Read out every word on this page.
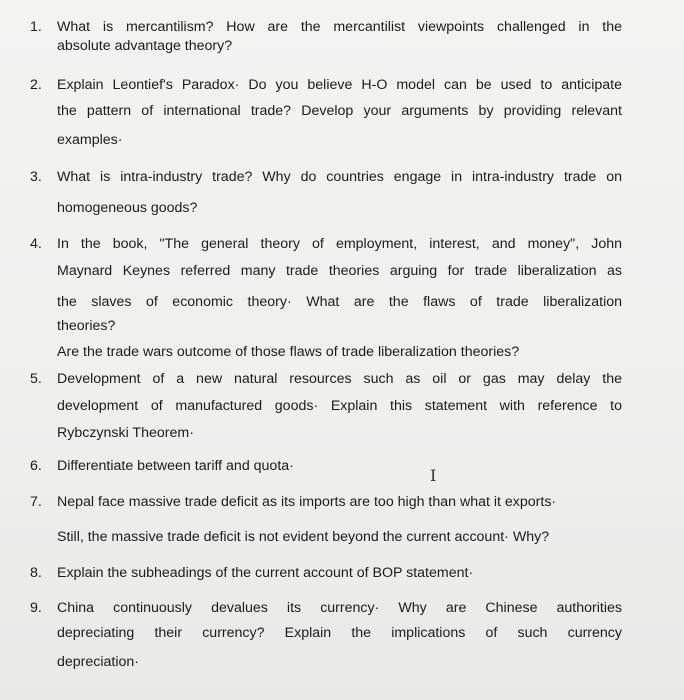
1.	What is mercantilism? How are the mercantilist viewpoints challenged in the
absolute advantage theory?
2.	Explain Leontief's Paradox· Do you believe H-O model can be used to anticipate
the pattern of international trade? Develop your arguments by providing relevant
examples·
3.	What is intra-industry trade? Why do countries engage in intra-industry trade on
homogeneous goods?
4.	In the book, "The general theory of employment, interest, and money", John
Maynard Keynes referred many trade theories arguing for trade liberalization as
the slaves of economic theory· What are the flaws of trade liberalization
theories?
Are the trade wars outcome of those flaws of trade liberalization theories?
5.	Development of a new natural resources such as oil or gas may delay the
development of manufactured goods· Explain this statement with reference to
Rybczynski Theorem·
6.	Differentiate between tariff and quota·
7.	Nepal face massive trade deficit as its imports are too high than what it exports·
Still, the massive trade deficit is not evident beyond the current account· Why?
8.	Explain the subheadings of the current account of BOP statement·
9.	China continuously devalues its currency· Why are Chinese authorities
depreciating their currency? Explain the implications of such currency
depreciation·
I
